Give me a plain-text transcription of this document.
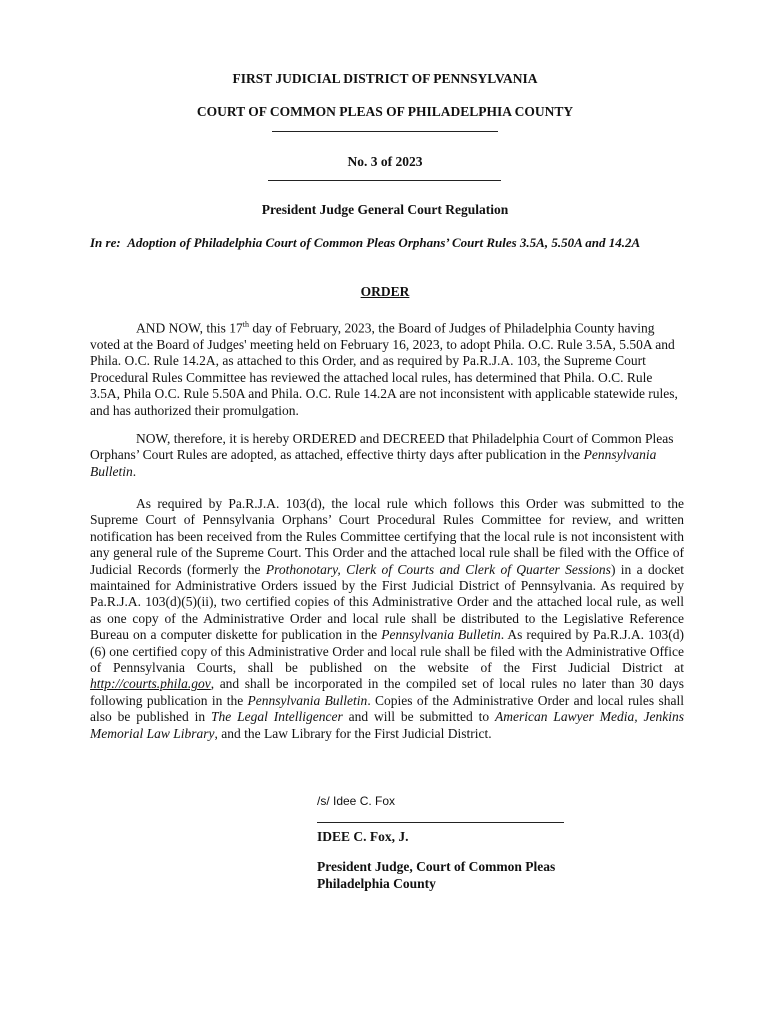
FIRST JUDICIAL DISTRICT OF PENNSYLVANIA
COURT OF COMMON PLEAS OF PHILADELPHIA COUNTY
No. 3 of 2023
President Judge General Court Regulation
In re: Adoption of Philadelphia Court of Common Pleas Orphans’ Court Rules 3.5A, 5.50A and 14.2A
ORDER
AND NOW, this 17th day of February, 2023, the Board of Judges of Philadelphia County having voted at the Board of Judges' meeting held on February 16, 2023, to adopt Phila. O.C. Rule 3.5A, 5.50A and Phila. O.C. Rule 14.2A, as attached to this Order, and as required by Pa.R.J.A. 103, the Supreme Court Procedural Rules Committee has reviewed the attached local rules, has determined that Phila. O.C. Rule 3.5A, Phila O.C. Rule 5.50A and Phila. O.C. Rule 14.2A are not inconsistent with applicable statewide rules, and has authorized their promulgation.
NOW, therefore, it is hereby ORDERED and DECREED that Philadelphia Court of Common Pleas Orphans’ Court Rules are adopted, as attached, effective thirty days after publication in the Pennsylvania Bulletin.
As required by Pa.R.J.A. 103(d), the local rule which follows this Order was submitted to the Supreme Court of Pennsylvania Orphans’ Court Procedural Rules Committee for review, and written notification has been received from the Rules Committee certifying that the local rule is not inconsistent with any general rule of the Supreme Court. This Order and the attached local rule shall be filed with the Office of Judicial Records (formerly the Prothonotary, Clerk of Courts and Clerk of Quarter Sessions) in a docket maintained for Administrative Orders issued by the First Judicial District of Pennsylvania. As required by Pa.R.J.A. 103(d)(5)(ii), two certified copies of this Administrative Order and the attached local rule, as well as one copy of the Administrative Order and local rule shall be distributed to the Legislative Reference Bureau on a computer diskette for publication in the Pennsylvania Bulletin. As required by Pa.R.J.A. 103(d)(6) one certified copy of this Administrative Order and local rule shall be filed with the Administrative Office of Pennsylvania Courts, shall be published on the website of the First Judicial District at http://courts.phila.gov, and shall be incorporated in the compiled set of local rules no later than 30 days following publication in the Pennsylvania Bulletin. Copies of the Administrative Order and local rules shall also be published in The Legal Intelligencer and will be submitted to American Lawyer Media, Jenkins Memorial Law Library, and the Law Library for the First Judicial District.
/s/ Idee C. Fox
IDEE C. Fox, J.
President Judge, Court of Common Pleas
Philadelphia County
